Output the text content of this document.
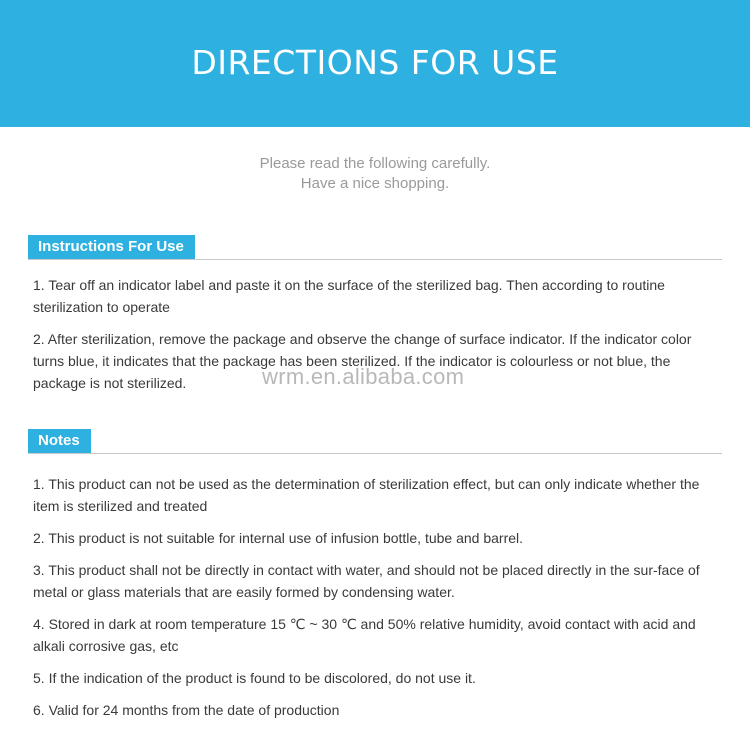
DIRECTIONS FOR USE
Please read the following carefully.
Have a nice shopping.
Instructions For Use
1. Tear off an indicator label and paste it on the surface of the sterilized bag. Then according to routine sterilization to operate
2. After sterilization, remove the package and observe the change of surface indicator. If the indicator color turns blue, it indicates that the package has been sterilized. If the indicator is colourless or not blue, the package is not sterilized.	wrm.en.alibaba.com
Notes
1. This product can not be used as the determination of sterilization effect, but can only indicate whether the item is sterilized and treated
2. This product is not suitable for internal use of infusion bottle, tube and barrel.
3. This product shall not be directly in contact with water, and should not be placed directly in the sur-face of metal or glass materials that are easily formed by condensing water.
4. Stored in dark at room temperature 15 ℃ ~ 30 ℃ and 50% relative humidity, avoid contact with acid and alkali corrosive gas, etc
5. If the indication of the product is found to be discolored, do not use it.
6. Valid for 24 months from the date of production
